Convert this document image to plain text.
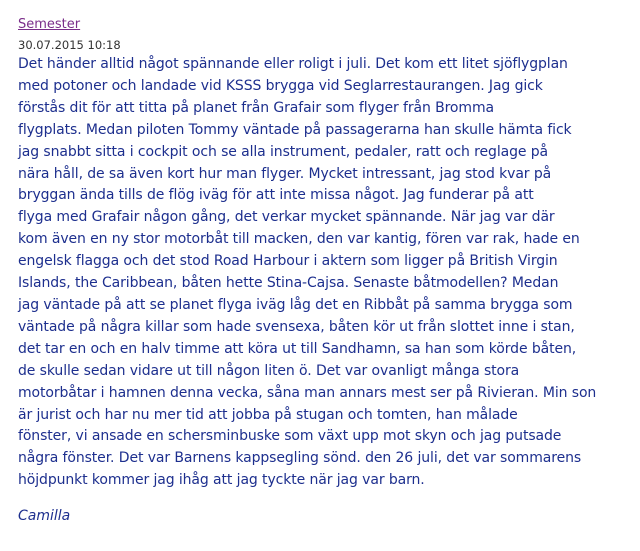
Semester
30.07.2015 10:18
Det händer alltid något spännande eller roligt i juli. Det kom ett litet sjöflygplan
med potoner och landade vid KSSS brygga vid Seglarrestaurangen. Jag gick
förstås dit för att titta på planet från Grafair som flyger från Bromma
flygplats. Medan piloten Tommy väntade på passagerarna han skulle hämta fick
jag snabbt sitta i cockpit och se alla instrument, pedaler, ratt och reglage på
nära håll, de sa även kort hur man flyger. Mycket intressant, jag stod kvar på
bryggan ända tills de flög iväg för att inte missa något. Jag funderar på att
flyga med Grafair någon gång, det verkar mycket spännande. När jag var där
kom även en ny stor motorbåt till macken, den var kantig, fören var rak, hade en
engelsk flagga och det stod Road Harbour i aktern som ligger på British Virgin
Islands, the Caribbean, båten hette Stina-Cajsa. Senaste båtmodellen? Medan
jag väntade på att se planet flyga iväg låg det en Ribbåt på samma brygga som
väntade på några killar som hade svensexa, båten kör ut från slottet inne i stan,
det tar en och en halv timme att köra ut till Sandhamn, sa han som körde båten,
de skulle sedan vidare ut till någon liten ö. Det var ovanligt många stora
motorbåtar i hamnen denna vecka, såna man annars mest ser på Rivieran. Min son
är jurist och har nu mer tid att jobba på stugan och tomten, han målade
fönster, vi ansade en schersminbuske som växt upp mot skyn och jag putsade
några fönster. Det var Barnens kappsegling sönd. den 26 juli, det var sommarens
höjdpunkt kommer jag ihåg att jag tyckte när jag var barn.
Camilla
